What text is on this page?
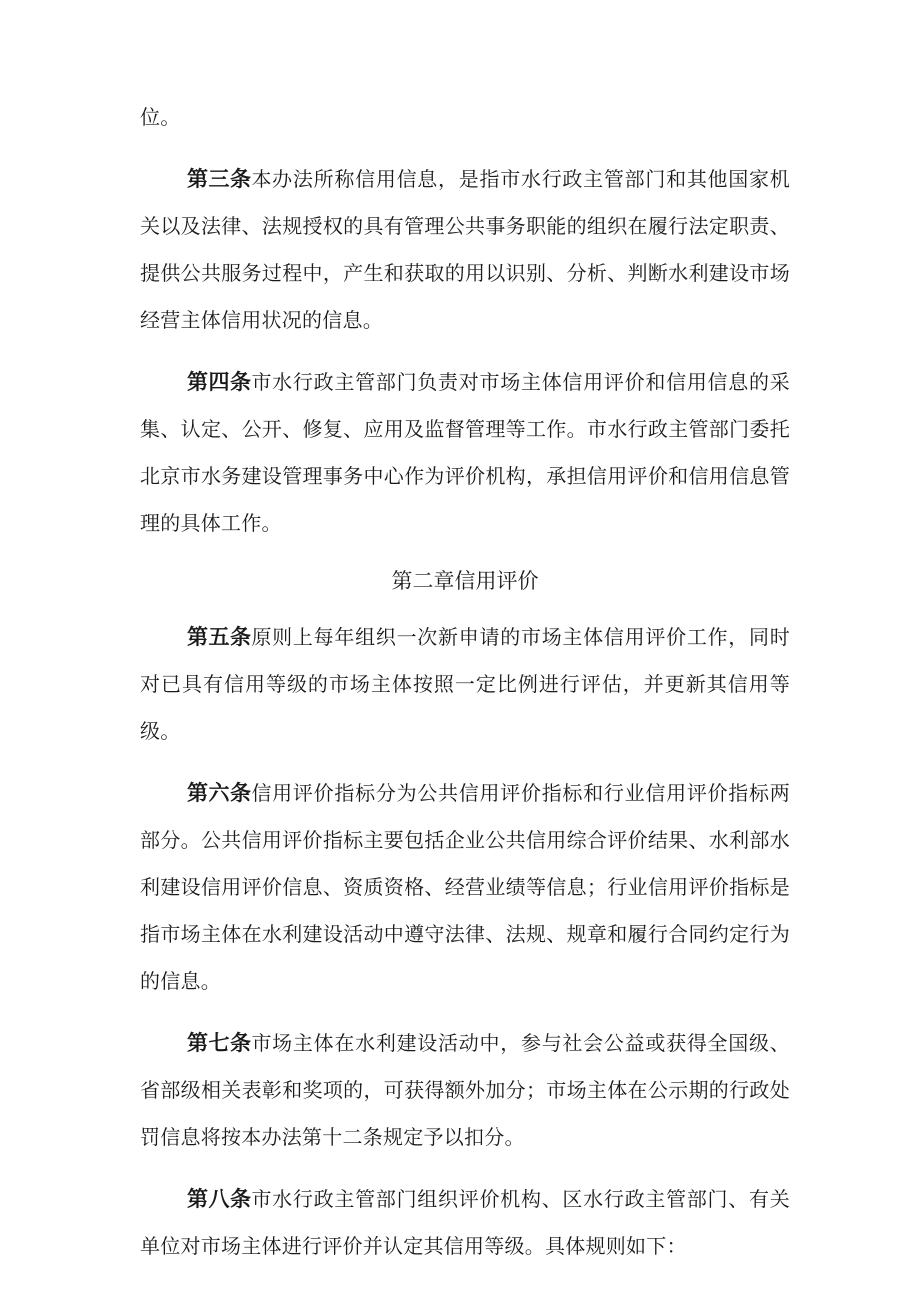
位。

第三条本办法所称信用信息，是指市水行政主管部门和其他国家机关以及法律、法规授权的具有管理公共事务职能的组织在履行法定职责、提供公共服务过程中，产生和获取的用以识别、分析、判断水利建设市场经营主体信用状况的信息。

第四条市水行政主管部门负责对市场主体信用评价和信用信息的采集、认定、公开、修复、应用及监督管理等工作。市水行政主管部门委托北京市水务建设管理事务中心作为评价机构，承担信用评价和信用信息管理的具体工作。

第二章信用评价

第五条原则上每年组织一次新申请的市场主体信用评价工作，同时对已具有信用等级的市场主体按照一定比例进行评估，并更新其信用等级。

第六条信用评价指标分为公共信用评价指标和行业信用评价指标两部分。公共信用评价指标主要包括企业公共信用综合评价结果、水利部水利建设信用评价信息、资质资格、经营业绩等信息；行业信用评价指标是指市场主体在水利建设活动中遵守法律、法规、规章和履行合同约定行为的信息。

第七条市场主体在水利建设活动中，参与社会公益或获得全国级、省部级相关表彰和奖项的，可获得额外加分；市场主体在公示期的行政处罚信息将按本办法第十二条规定予以扣分。

第八条市水行政主管部门组织评价机构、区水行政主管部门、有关单位对市场主体进行评价并认定其信用等级。具体规则如下：
